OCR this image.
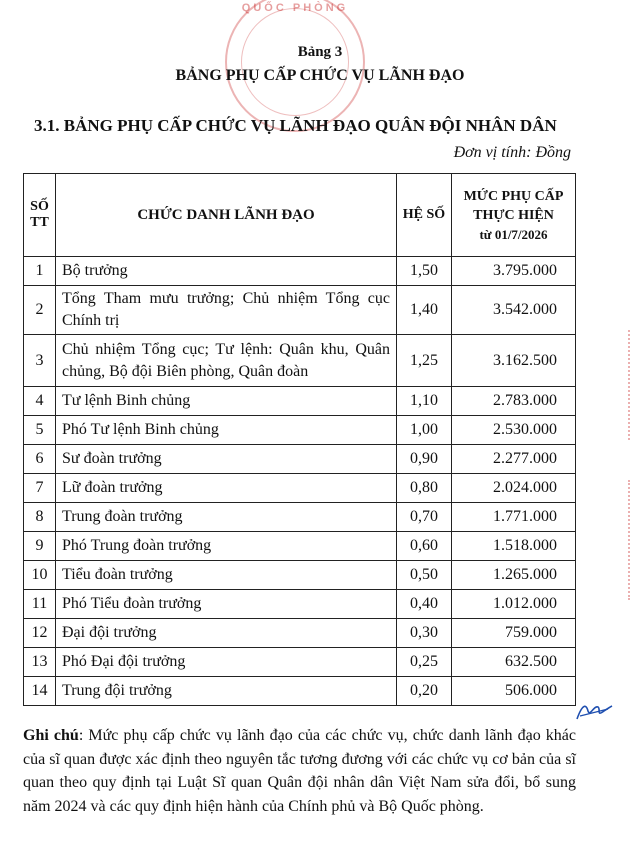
QUỐC PHÒNG
Bảng 3
BẢNG PHỤ CẤP CHỨC VỤ LÃNH ĐẠO
3.1. BẢNG PHỤ CẤP CHỨC VỤ LÃNH ĐẠO QUÂN ĐỘI NHÂN DÂN
Đơn vị tính: Đồng
SỐ TT	CHỨC DANH LÃNH ĐẠO	HỆ SỐ	MỨC PHỤ CẤP THỰC HIỆN
từ 01/7/2026

1	Bộ trưởng	1,50	3.795.000
2	Tổng Tham mưu trưởng; Chủ nhiệm Tổng cục Chính trị	1,40	3.542.000
3	Chủ nhiệm Tổng cục; Tư lệnh: Quân khu, Quân chủng, Bộ đội Biên phòng, Quân đoàn	1,25	3.162.500
4	Tư lệnh Binh chủng	1,10	2.783.000
5	Phó Tư lệnh Binh chủng	1,00	2.530.000
6	Sư đoàn trưởng	0,90	2.277.000
7	Lữ đoàn trưởng	0,80	2.024.000
8	Trung đoàn trưởng	0,70	1.771.000
9	Phó Trung đoàn trưởng	0,60	1.518.000
10	Tiểu đoàn trưởng	0,50	1.265.000
11	Phó Tiểu đoàn trưởng	0,40	1.012.000
12	Đại đội trưởng	0,30	759.000
13	Phó Đại đội trưởng	0,25	632.500
14	Trung đội trưởng	0,20	506.000
Ghi chú: Mức phụ cấp chức vụ lãnh đạo của các chức vụ, chức danh lãnh đạo khác của sĩ quan được xác định theo nguyên tắc tương đương với các chức vụ cơ bản của sĩ quan theo quy định tại Luật Sĩ quan Quân đội nhân dân Việt Nam sửa đổi, bổ sung năm 2024 và các quy định hiện hành của Chính phủ và Bộ Quốc phòng.
